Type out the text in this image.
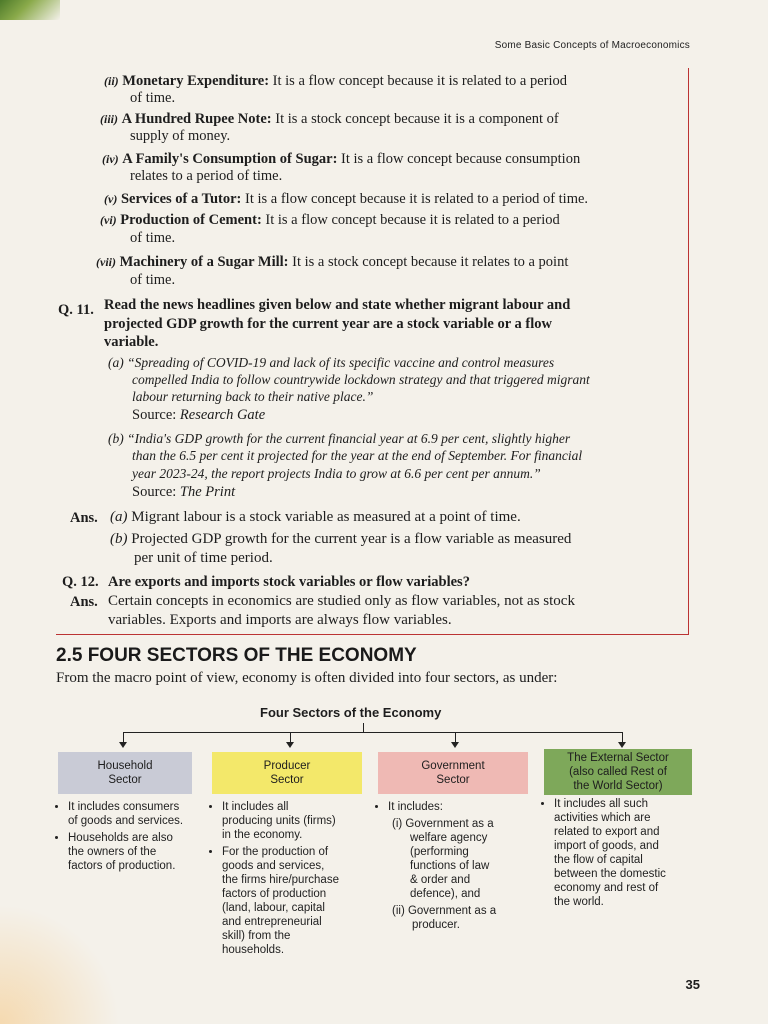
Some Basic Concepts of Macroeconomics
(ii) Monetary Expenditure: It is a flow concept because it is related to a period
of time.
(iii) A Hundred Rupee Note: It is a stock concept because it is a component of
supply of money.
(iv) A Family's Consumption of Sugar: It is a flow concept because consumption
relates to a period of time.
(v) Services of a Tutor: It is a flow concept because it is related to a period of time.
(vi) Production of Cement: It is a flow concept because it is related to a period
of time.
(vii) Machinery of a Sugar Mill: It is a stock concept because it relates to a point
of time.
Q. 11. Read the news headlines given below and state whether migrant labour and
projected GDP growth for the current year are a stock variable or a flow
variable.
(a) “Spreading of COVID-19 and lack of its specific vaccine and control measures
compelled India to follow countrywide lockdown strategy and that triggered migrant
labour returning back to their native place.”
Source: Research Gate
(b) “India's GDP growth for the current financial year at 6.9 per cent, slightly higher
than the 6.5 per cent it projected for the year at the end of September. For financial
year 2023-24, the report projects India to grow at 6.6 per cent per annum.”
Source: The Print
Ans. (a) Migrant labour is a stock variable as measured at a point of time.
(b) Projected GDP growth for the current year is a flow variable as measured
per unit of time period.
Q. 12. Are exports and imports stock variables or flow variables?
Ans. Certain concepts in economics are studied only as flow variables, not as stock
variables. Exports and imports are always flow variables.
2.5 FOUR SECTORS OF THE ECONOMY
From the macro point of view, economy is often divided into four sectors, as under:
Four Sectors of the Economy
Household
Sector
Producer
Sector
Government
Sector
The External Sector
(also called Rest of
the World Sector)
• It includes consumers
of goods and services.
• Households are also
the owners of the
factors of production.
• It includes all
producing units (firms)
in the economy.
• For the production of
goods and services,
the firms hire/purchase
factors of production
(land, labour, capital
and entrepreneurial
skill) from the
households.
• It includes:
(i) Government as a
welfare agency
(performing
functions of law
& order and
defence), and
(ii) Government as a
producer.
• It includes all such
activities which are
related to export and
import of goods, and
the flow of capital
between the domestic
economy and rest of
the world.
35
